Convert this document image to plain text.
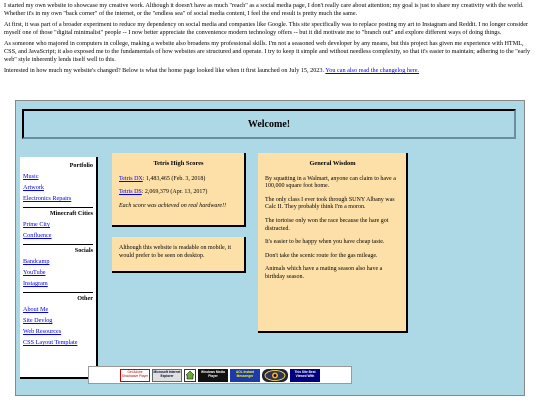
I started my own website to showcase my creative work. Although it doesn't have as much "reach" as a social media page, I don't really care about attention; my goal is just to share my creativity with the world. Whether it's in my own "back corner" of the internet, or the "endless sea" of social media content, I feel the end result is pretty much the same.

At first, it was part of a broader experiment to reduce my dependency on social media and companies like Google. This site specifically was to replace posting my art to Instagram and Reddit. I no longer consider myself one of those "digital minimalist" people -- I now better appreciate the convenience modern technology offers -- but it did motivate me to "branch out" and explore different ways of doing things.

As someone who majored in computers in college, making a website also broadens my professional skills. I'm not a seasoned web developer by any means, but this project has given me experience with HTML, CSS, and JavaScript; it also exposed me to the fundamentals of how websites are structured and operate. I try to keep it simple and without needless complexity, so that it's easier to maintain; adhering to the "early web" style inherently lends itself well to this.

Interested in how much my website's changed? Below is what the home page looked like when it first launched on July 15, 2023. You can also read the changelog here.

Welcome!
Portfolio
Music
Artwork
Electronics Repairs
Minecraft Cities
Prime City
Confluence
Socials
Bandcamp
YouTube
Instagram
Other
About Me
Site Devlog
Web Resources
CSS Layout Template
Tetris High Scores

Tetris DX: 1,483,465 (Feb. 3, 2018)

Tetris DS: 2,069,379 (Apr. 13, 2017)

Each score was achieved on real hardware!!

Although this website is readable on mobile, it would prefer to be seen on desktop.

General Wisdom

By squatting in a Walmart, anyone can claim to have a 100,000 square foot home.

The only class I ever took through SUNY Albany was Calc II. They probably think I'm a moron.

The tortoise only won the race because the hare got distracted.

It's easier to be happy when you have cheap taste.

Don't take the scenic route for the gas mileage.

Animals which have a mating season also have a birthday season.

Get Adobe Shockwave Player
Microsoft Internet Explorer
Windows Media Player
AOL Instant Messenger
This Site Best Viewed With
